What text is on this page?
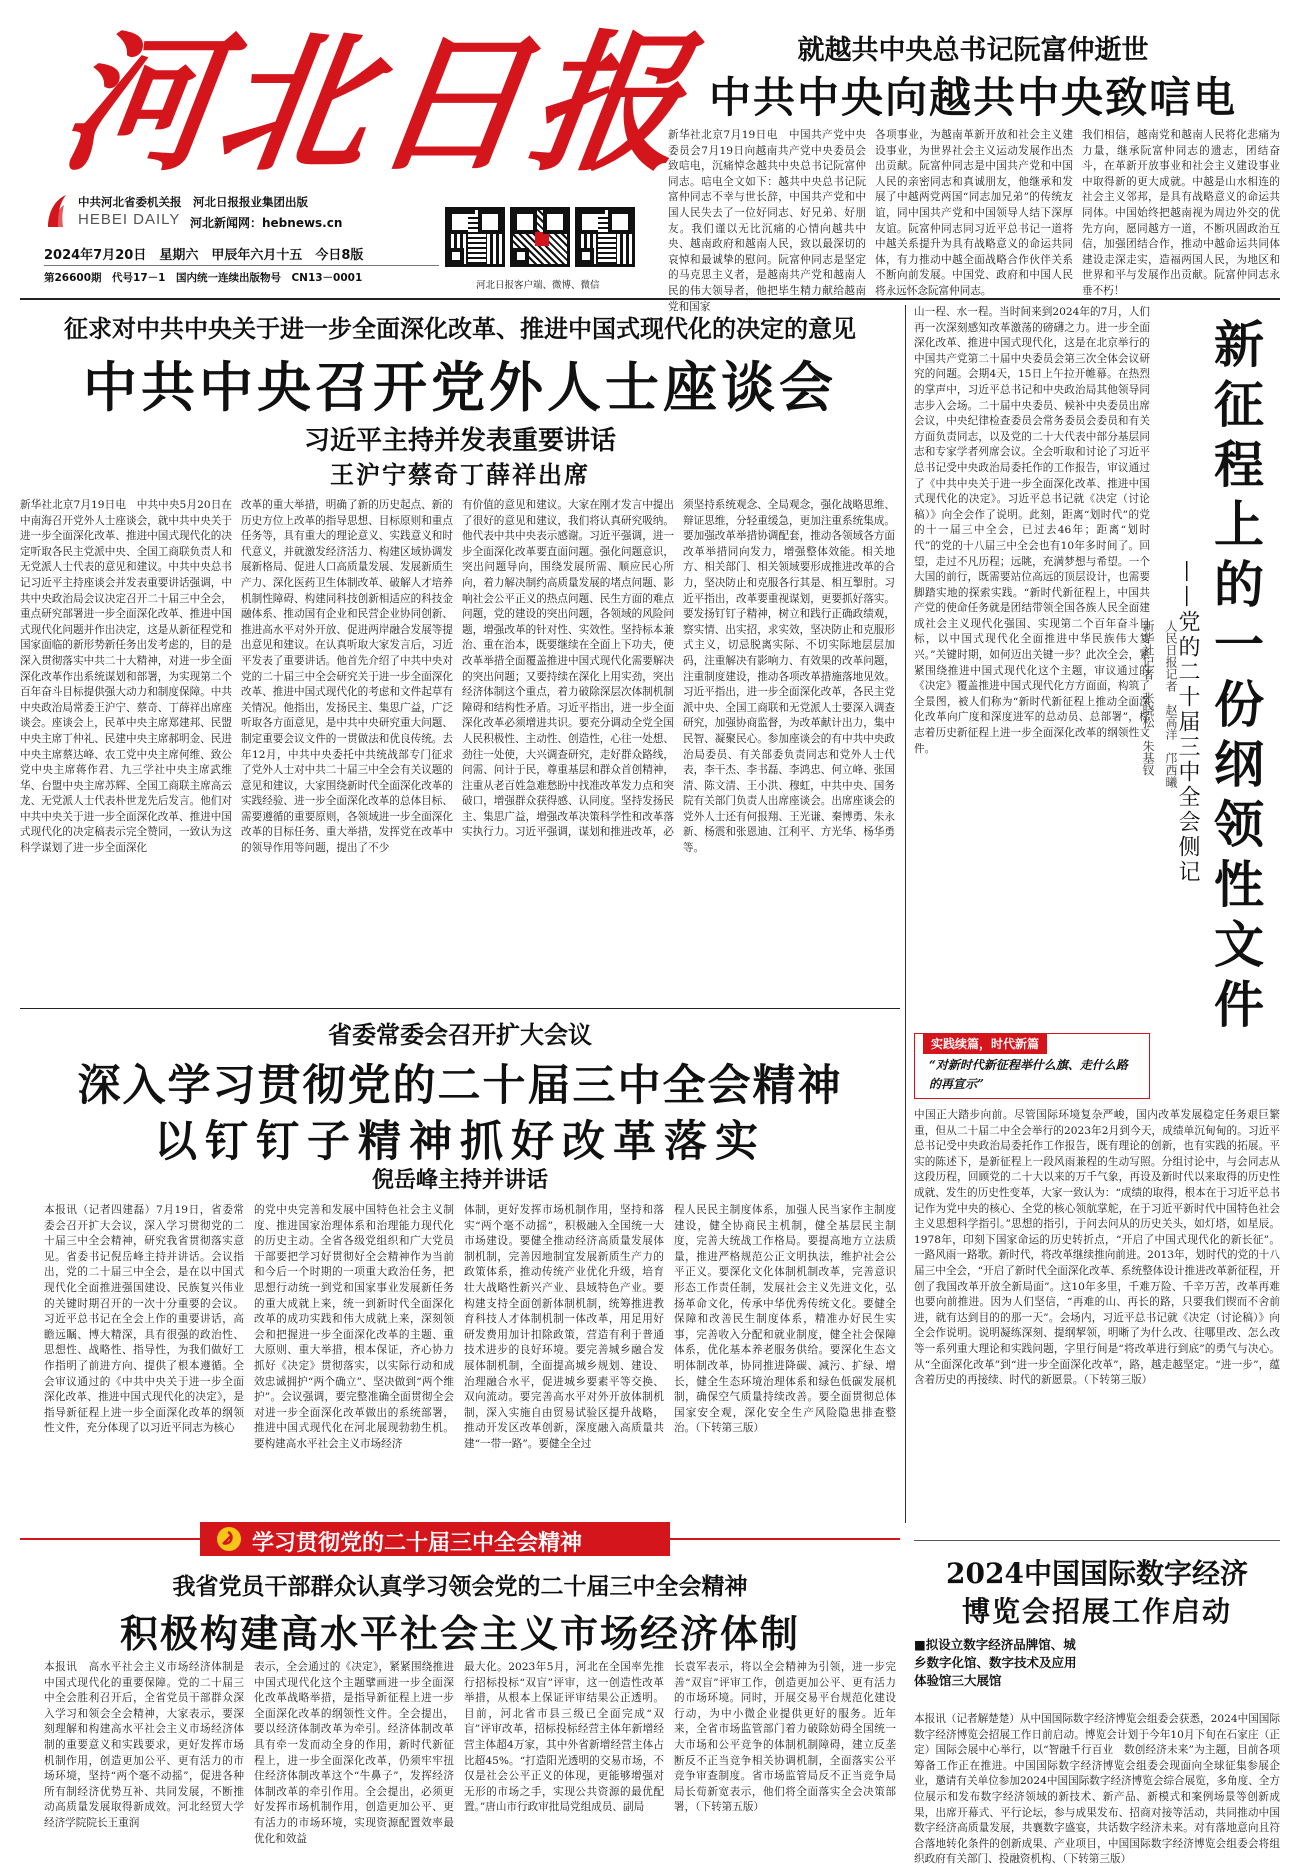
河北日报
中共河北省委机关报　河北日报报业集团出版
HEBEI DAILY 河北新闻网：hebnews.cn
2024年7月20日　星期六　甲辰年六月十五　今日8版
第26600期　代号17－1　国内统一连续出版物号　CN13－0001
河北日报客户端、微博、微信
就越共中央总书记阮富仲逝世
中共中央向越共中央致唁电
新华社北京7月19日电　中国共产党中央委员会7月19日向越南共产党中央委员会致唁电，沉痛悼念越共中央总书记阮富仲同志。唁电全文如下：越共中央总书记阮富仲同志不幸与世长辞，中国共产党和中国人民失去了一位好同志、好兄弟、好朋友。我们谨以无比沉痛的心情向越共中央、越南政府和越南人民，致以最深切的哀悼和最诚挚的慰问。阮富仲同志是坚定的马克思主义者，是越南共产党和越南人民的伟大领导者，他把毕生精力献给越南党和国家
各项事业，为越南革新开放和社会主义建设事业，为世界社会主义运动发展作出杰出贡献。阮富仲同志是中国共产党和中国人民的亲密同志和真诚朋友，他继承和发展了中越两党两国“同志加兄弟”的传统友谊，同中国共产党和中国领导人结下深厚友谊。阮富仲同志同习近平总书记一道将中越关系提升为具有战略意义的命运共同体，有力推动中越全面战略合作伙伴关系不断向前发展。中国党、政府和中国人民将永远怀念阮富仲同志。
我们相信，越南党和越南人民将化悲痛为力量，继承阮富仲同志的遗志，团结奋斗，在革新开放事业和社会主义建设事业中取得新的更大成就。中越是山水相连的社会主义邻邦，是具有战略意义的命运共同体。中国始终把越南视为周边外交的优先方向，愿同越方一道，不断巩固政治互信，加强团结合作，推动中越命运共同体建设走深走实，造福两国人民，为地区和世界和平与发展作出贡献。阮富仲同志永垂不朽！
征求对中共中央关于进一步全面深化改革、推进中国式现代化的决定的意见
中共中央召开党外人士座谈会
习近平主持并发表重要讲话
王沪宁蔡奇丁薛祥出席
新华社北京7月19日电　中共中央5月20日在中南海召开党外人士座谈会，就中共中央关于进一步全面深化改革、推进中国式现代化的决定听取各民主党派中央、全国工商联负责人和无党派人士代表的意见和建议。中共中央总书记习近平主持座谈会并发表重要讲话强调，中共中央政治局会议决定召开二十届三中全会，重点研究部署进一步全面深化改革、推进中国式现代化问题并作出决定，这是从新征程党和国家面临的新形势新任务出发考虑的，目的是深入贯彻落实中共二十大精神，对进一步全面深化改革作出系统谋划和部署，为实现第二个百年奋斗目标提供强大动力和制度保障。中共中央政治局常委王沪宁、蔡奇、丁薛祥出席座谈会。座谈会上，民革中央主席郑建邦、民盟中央主席丁仲礼、民建中央主席郝明金、民进中央主席蔡达峰、农工党中央主席何维、致公党中央主席蒋作君、九三学社中央主席武维华、台盟中央主席苏辉、全国工商联主席高云龙、无党派人士代表朴世龙先后发言。他们对中共中央关于进一步全面深化改革、推进中国式现代化的决定稿表示完全赞同，一致认为这科学谋划了进一步全面深化
改革的重大举措，明确了新的历史起点、新的历史方位上改革的指导思想、目标原则和重点任务等，具有重大的理论意义、实践意义和时代意义，并就激发经济活力、构建区域协调发展新格局、促进人口高质量发展、发展新质生产力、深化医药卫生体制改革、破解人才培养机制性障碍、构建同科技创新相适应的科技金融体系、推动国有企业和民营企业协同创新、推进高水平对外开放、促进两岸融合发展等提出意见和建议。在认真听取大家发言后，习近平发表了重要讲话。他首先介绍了中共中央对党的二十届三中全会研究关于进一步全面深化改革、推进中国式现代化的考虑和文件起草有关情况。他指出，发扬民主、集思广益，广泛听取各方面意见，是中共中央研究重大问题、制定重要会议文件的一贯做法和优良传统。去年12月，中共中央委托中共统战部专门征求了党外人士对中共二十届三中全会有关议题的意见和建议，大家围绕新时代全面深化改革的实践经验、进一步全面深化改革的总体目标、需要遵循的重要原则，各领域进一步全面深化改革的目标任务、重大举措，发挥党在改革中的领导作用等问题，提出了不少
有价值的意见和建议。大家在刚才发言中提出了很好的意见和建议，我们将认真研究吸纳。他代表中共中央表示感谢。习近平强调，进一步全面深化改革要直面问题。强化问题意识，突出问题导向，围绕发展所需、顺应民心所向，着力解决制约高质量发展的堵点问题、影响社会公平正义的热点问题、民生方面的难点问题，党的建设的突出问题，各领域的风险问题，增强改革的针对性、实效性。坚持标本兼治、重在治本，既要继续在全面上下功夫，使改革举措全面覆盖推进中国式现代化需要解决的突出问题；又要持续在深化上用实劲，突出经济体制这个重点，着力破除深层次体制机制障碍和结构性矛盾。习近平指出，进一步全面深化改革必须增进共识。要充分调动全党全国人民积极性、主动性、创造性，心往一处想、劲往一处使，大兴调查研究，走好群众路线，问需、问计于民，尊重基层和群众首创精神，注重从老百姓急难愁盼中找准改革发力点和突破口，增强群众获得感、认同度。坚持发扬民主、集思广益，增强改革决策科学性和改革落实执行力。习近平强调，谋划和推进改革，必
须坚持系统观念、全局观念，强化战略思维、辩证思维，分轻重缓急，更加注重系统集成。要加强改革举措协调配套，推动各领域各方面改革举措同向发力，增强整体效能。相关地方、相关部门、相关领域要形成推进改革的合力，坚决防止和克服各行其是、相互掣肘。习近平指出，改革要重视谋划，更要抓好落实。要发扬钉钉子精神，树立和践行正确政绩观，察实情、出实招，求实效，坚决防止和克服形式主义，切忌脱离实际、不切实际地层层加码，注重解决有影响力、有效果的改革问题，注重制度建设，推动各项改革措施落地见效。习近平指出，进一步全面深化改革，各民主党派中央、全国工商联和无党派人士要深入调查研究，加强协商监督，为改革献计出力，集中民智、凝聚民心。参加座谈会的有中共中央政治局委员、有关部委负责同志和党外人士代表，李干杰、李书磊、李鸿忠、何立峰、张国清、陈文清、王小洪、穆虹，中共中央、国务院有关部门负责人出席座谈会。出席座谈会的党外人士还有何报翔、王光谦、秦博勇、朱永新、杨震和张恩迪、江利平、方光华、杨华勇等。
山一程、水一程。当时间来到2024年的7月，人们再一次深刻感知改革激荡的磅礴之力。进一步全面深化改革、推进中国式现代化，这是在北京举行的中国共产党第二十届中央委员会第三次全体会议研究的问题。会期4天，15日上午拉开帷幕。在热烈的掌声中，习近平总书记和中央政治局其他领导同志步入会场。二十届中央委员、候补中央委员出席会议，中央纪律检查委员会常务委员会委员和有关方面负责同志，以及党的二十大代表中部分基层同志和专家学者列席会议。全会听取和讨论了习近平总书记受中央政治局委托作的工作报告，审议通过了《中共中央关于进一步全面深化改革、推进中国式现代化的决定》。习近平总书记就《决定（讨论稿）》向全会作了说明。此刻，距离“划时代”的党的十一届三中全会，已过去46年；距离“划时代”的党的十八届三中全会也有10年多时间了。回望，走过不凡历程；远眺，充满梦想与希望。一个大国的前行，既需要站位高远的顶层设计，也需要脚踏实地的探索实践。“新时代新征程上，中国共产党的使命任务就是团结带领全国各族人民全面建成社会主义现代化强国、实现第二个百年奋斗目标，以中国式现代化全面推进中华民族伟大复兴。”关键时期，如何迈出关键一步？此次全会，紧紧围绕推进中国式现代化这个主题，审议通过的《决定》覆盖推进中国式现代化方方面面，构筑了全景图，被人们称为“新时代新征程上推动全面深化改革向广度和深度进军的总动员、总部署”，标志着历史新征程上进一步全面深化改革的纲领性文件。	新征程上的一份纲领性文件
——党的二十届三中全会侧记
人民日报记者　赵高洋　邝西曦
新华社记者　张晓松　朱基钗
实践续篇，时代新篇
“对新时代新征程举什么旗、走什么路的再宣示”
中国正大踏步向前。尽管国际环境复杂严峻，国内改革发展稳定任务艰巨繁重，但从二十届二中全会举行的2023年2月到今天，成绩单沉甸甸的。习近平总书记受中央政治局委托作工作报告，既有理论的创新，也有实践的拓展。平实的陈述下，是新征程上一段风雨兼程的生动写照。分组讨论中，与会同志从这段历程，回顾党的二十大以来的万千气象，再设及新时代以来取得的历史性成就、发生的历史性变革，大家一致认为：“成绩的取得，根本在于习近平总书记作为党中央的核心、全党的核心领航掌舵，在于习近平新时代中国特色社会主义思想科学指引。”思想的指引，于问去问从的历史关头，如灯塔，如星辰。1978年，印刻下国家命运的历史转折点，“开启了中国式现代化的新长征”。一路风雨一路歌。新时代，将改革继续推向前进。2013年，划时代的党的十八届三中全会，“开启了新时代全面深化改革、系统整体设计推进改革新征程，开创了我国改革开放全新局面”。这10年多里，千难万险、千辛万苦，改革再难也要向前推进。因为人们坚信，“再难的山、再长的路，只要我们锲而不舍前进，就有达到目的的那一天”。会场内，习近平总书记就《决定（讨论稿）》向全会作说明。说明凝练深刻、提纲挈领，明晰了为什么改、往哪里改、怎么改等一系列重大理论和实践问题，字里行间是“将改革进行到底”的勇气与决心。从“全面深化改革”到“进一步全面深化改革”，路，越走越坚定。“进一步”，蕴含着历史的再接续、时代的新愿景。（下转第三版）
省委常委会召开扩大会议
深入学习贯彻党的二十届三中全会精神
以钉钉子精神抓好改革落实
倪岳峰主持并讲话
本报讯（记者四建磊）7月19日，省委常委会召开扩大会议，深入学习贯彻党的二十届三中全会精神，研究我省贯彻落实意见。省委书记倪岳峰主持并讲话。会议指出，党的二十届三中全会，是在以中国式现代化全面推进强国建设、民族复兴伟业的关键时期召开的一次十分重要的会议。习近平总书记在全会上作的重要讲话，高瞻远瞩、博大精深，具有很强的政治性、思想性、战略性、指导性，为我们做好工作指明了前进方向、提供了根本遵循。全会审议通过的《中共中央关于进一步全面深化改革、推进中国式现代化的决定》，是指导新征程上进一步全面深化改革的纲领性文件，充分体现了以习近平同志为核心
的党中央完善和发展中国特色社会主义制度、推进国家治理体系和治理能力现代化的历史主动。全省各级党组织和广大党员干部要把学习好贯彻好全会精神作为当前和今后一个时期的一项重大政治任务，把思想行动统一到党和国家事业发展新任务的重大成就上来，统一到新时代全面深化改革的成功实践和伟大成就上来，深刻领会和把握进一步全面深化改革的主题、重大原则、重大举措，根本保证，齐心协力抓好《决定》贯彻落实，以实际行动和成效忠诚拥护“两个确立”、坚决做到“两个维护”。会议强调，要完整准确全面贯彻全会对进一步全面深化改革做出的系统部署，推进中国式现代化在河北展现勃勃生机。要构建高水平社会主义市场经济
体制，更好发挥市场机制作用，坚持和落实“两个毫不动摇”，积极融入全国统一大市场建设。要健全推动经济高质量发展体制机制，完善因地制宜发展新质生产力的政策体系，推动传统产业优化升级，培育壮大战略性新兴产业、县域特色产业。要构建支持全面创新体制机制，统筹推进教育科技人才体制机制一体改革，用足用好研发费用加计扣除政策，营造有利于普通技术进步的良好环境。要完善城乡融合发展体制机制，全面提高城乡规划、建设、治理融合水平，促进城乡要素平等交换、双向流动。要完善高水平对外开放体制机制，深入实施自由贸易试验区提升战略，推动开发区改革创新，深度融入高质量共建“一带一路”。要健全全过
程人民民主制度体系，加强人民当家作主制度建设，健全协商民主机制，健全基层民主制度，完善大统战工作格局。要提高地方立法质量，推进严格规范公正文明执法，维护社会公平正义。要深化文化体制机制改革，完善意识形态工作责任制，发展社会主义先进文化，弘扬革命文化，传承中华优秀传统文化。要健全保障和改善民生制度体系，精准办好民生实事，完善收入分配和就业制度，健全社会保障体系，优化基本养老服务供给。要深化生态文明体制改革，协同推进降碳、减污、扩绿、增长，健全生态环境治理体系和绿色低碳发展机制，确保空气质量持续改善。要全面贯彻总体国家安全观，深化安全生产风险隐患排查整治。（下转第三版）
学习贯彻党的二十届三中全会精神
我省党员干部群众认真学习领会党的二十届三中全会精神
积极构建高水平社会主义市场经济体制
本报讯　高水平社会主义市场经济体制是中国式现代化的重要保障。党的二十届三中全会胜利召开后，全省党员干部群众深入学习和领会全会精神，大家表示，要深刻理解和构建高水平社会主义市场经济体制的重要意义和实践要求，更好发挥市场机制作用，创造更加公平、更有活力的市场环境，坚持“两个毫不动摇”，促进各种所有制经济优势互补、共同发展，不断推动高质量发展取得新成效。河北经贸大学经济学院院长王重润
表示，全会通过的《决定》，紧紧围绕推进中国式现代化这个主题擘画进一步全面深化改革战略举措，是指导新征程上进一步全面深化改革的纲领性文件。全会提出，要以经济体制改革为牵引。经济体制改革具有牵一发而动全身的作用，新时代新征程上，进一步全面深化改革，仍须牢牢扭住经济体制改革这个“牛鼻子”，发挥经济体制改革的牵引作用。全会提出，必须更好发挥市场机制作用，创造更加公平、更有活力的市场环境，实现资源配置效率最优化和效益
最大化。2023年5月，河北在全国率先推行招标投标“双盲”评审，这一创造性改革举措，从根本上保证评审结果公正透明。目前，河北省市县三级已全面完成“双盲”评审改革，招标投标经营主体年新增经营主体超4万家，其中外省新增经营主体占比超45%。“打造阳光透明的交易市场，不仅是社会公平正义的体现，更能够增强对无形的市场之手，实现公共资源的最优配置。”唐山市行政审批局党组成员、副局
长袁军表示，将以全会精神为引领，进一步完善“双盲”评审工作，创造更加公平、更有活力的市场环境。同时，开展交易平台规范化建设行动，为中小微企业提供更好的服务。近年来，全省市场监管部门着力破除妨碍全国统一大市场和公平竞争的体制机制障碍，建立反垄断反不正当竞争相关协调机制，全面落实公平竞争审查制度。省市场监管局反不正当竞争局局长荀新宽表示，他们将全面落实全会决策部署，（下转第五版）
2024中国国际数字经济
博览会招展工作启动
■拟设立数字经济品牌馆、城乡数字化馆、数字技术及应用体验馆三大展馆
本报讯（记者解楚楚）从中国国际数字经济博览会组委会获悉，2024中国国际数字经济博览会招展工作日前启动。博览会计划于今年10月下旬在石家庄（正定）国际会展中心举行，以“智融千行百业　数创经济未来”为主题，目前各项筹备工作正在推进。中国国际数字经济博览会组委会现面向全球征集参展企业，邀请有关单位参加2024中国国际数字经济博览会综合展览，多角度、全方位展示和发布数字经济领域的新技术、新产品、新模式和案例场景等创新成果，出席开幕式、平行论坛，参与成果发布、招商对接等活动，共同推动中国数字经济高质量发展，共襄数字盛宴，共话数字经济未来。对有落地意向且符合落地转化条件的创新成果、产业项目，中国国际数字经济博览会组委会将组织政府有关部门、投融资机构、（下转第三版）
